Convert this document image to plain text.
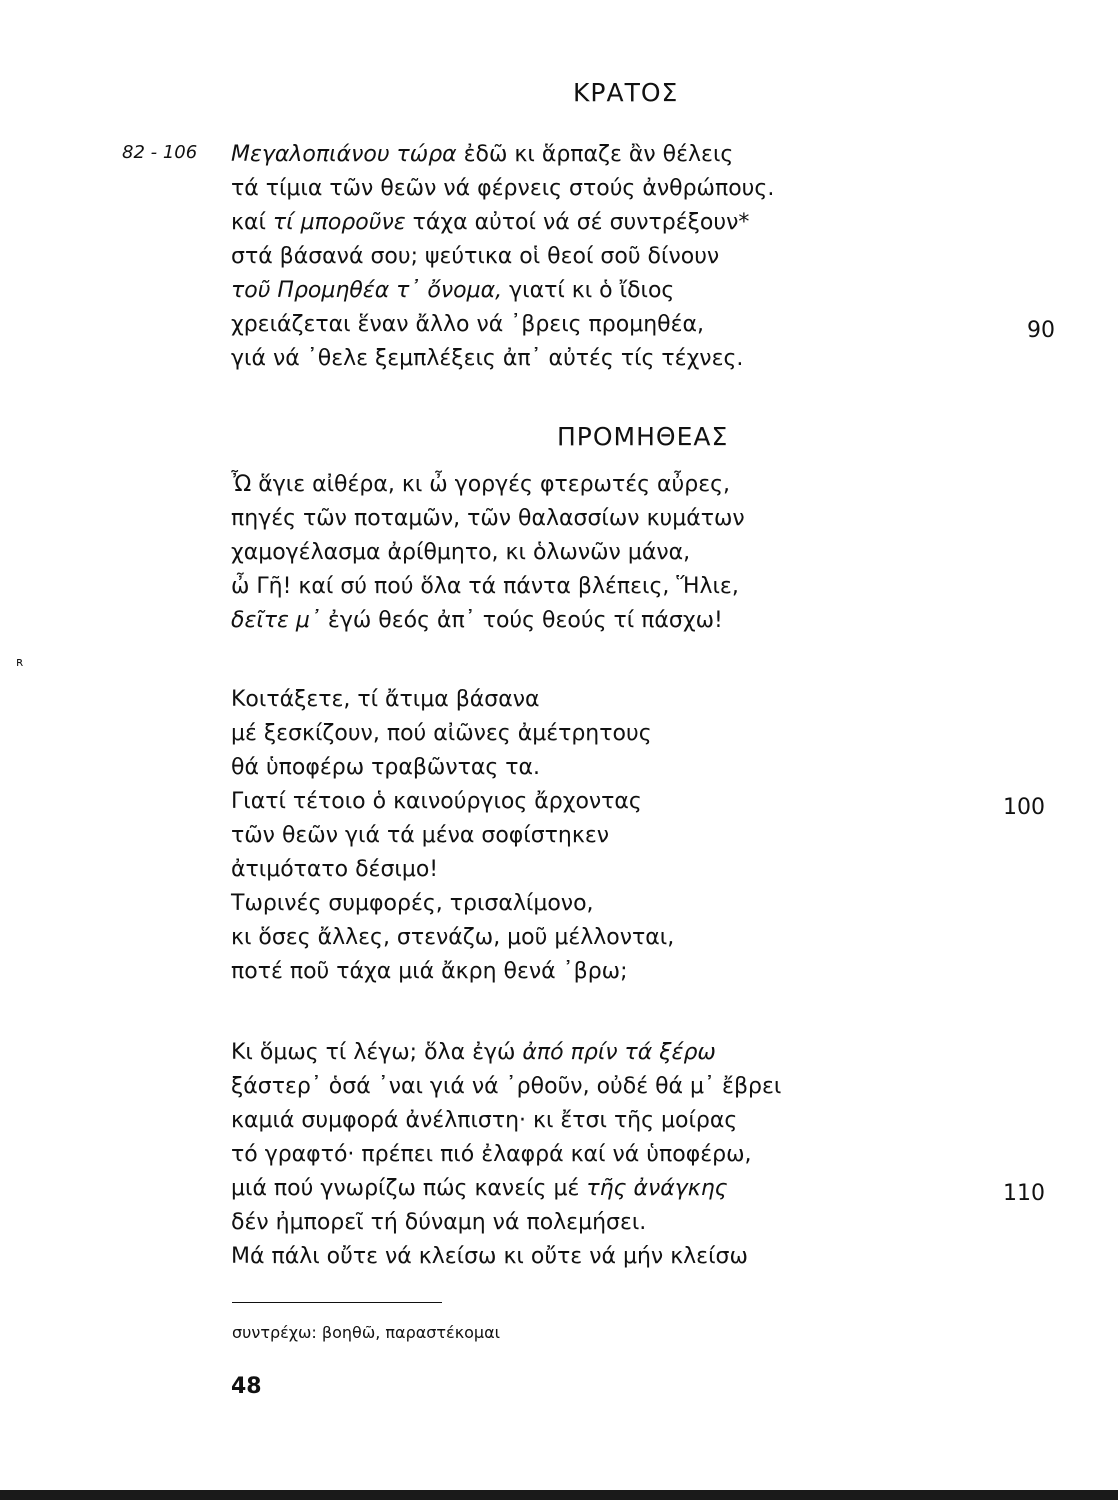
ΚΡΑΤΟΣ
82 - 106 Μεγαλοπιάνου τώρα ἐδῶ κι ἅρπαζε ἂν θέλεις
τά τίμια τῶν θεῶν νά φέρνεις στούς ἀνθρώπους.
καί τί μποροῦνε τάχα αὐτοί νά σέ συντρέξουν*
στά βάσανά σου; ψεύτικα οἱ θεοί σοῦ δίνουν
τοῦ Προμηθέα τ᾽ ὄνομα, γιατί κι ὁ ἴδιος
χρειάζεται ἕναν ἄλλο νά ᾽βρεις προμηθέα,
γιά νά ᾽θελε ξεμπλέξεις ἀπ᾽ αὐτές τίς τέχνες.
90
ΠΡΟΜΗΘΕΑΣ
Ὦ ἅγιε αἰθέρα, κι ὦ γοργές φτερωτές αὖρες,
πηγές τῶν ποταμῶν, τῶν θαλασσίων κυμάτων
χαμογέλασμα ἀρίθμητο, κι ὁλωνῶν μάνα,
ὦ Γῆ! καί σύ πού ὅλα τά πάντα βλέπεις, Ἥλιε,
δεῖτε μ᾽ ἐγώ θεός ἀπ᾽ τούς θεούς τί πάσχω!
ʀ
Κοιτάξετε, τί ἄτιμα βάσανα
μέ ξεσκίζουν, πού αἰῶνες ἀμέτρητους
θά ὑποφέρω τραβῶντας τα.
Γιατί τέτοιο ὁ καινούργιος ἄρχοντας
τῶν θεῶν γιά τά μένα σοφίστηκεν
ἀτιμότατο δέσιμο!
Τωρινές συμφορές, τρισαλίμονο,
κι ὅσες ἄλλες, στενάζω, μοῦ μέλλονται,
ποτέ ποῦ τάχα μιά ἄκρη θενά ᾽βρω;
100
Κι ὅμως τί λέγω; ὅλα ἐγώ ἀπό πρίν τά ξέρω
ξάστερ᾽ ὁσά ᾽ναι γιά νά ᾽ρθοῦν, οὐδέ θά μ᾽ ἔβρει
καμιά συμφορά ἀνέλπιστη· κι ἔτσι τῆς μοίρας
τό γραφτό· πρέπει πιό ἐλαφρά καί νά ὑποφέρω,
μιά πού γνωρίζω πώς κανείς μέ τῆς ἀνάγκης
δέν ἠμπορεῖ τή δύναμη νά πολεμήσει.
Μά πάλι οὔτε νά κλείσω κι οὔτε νά μήν κλείσω
110
συντρέχω: βοηθῶ, παραστέκομαι
48
